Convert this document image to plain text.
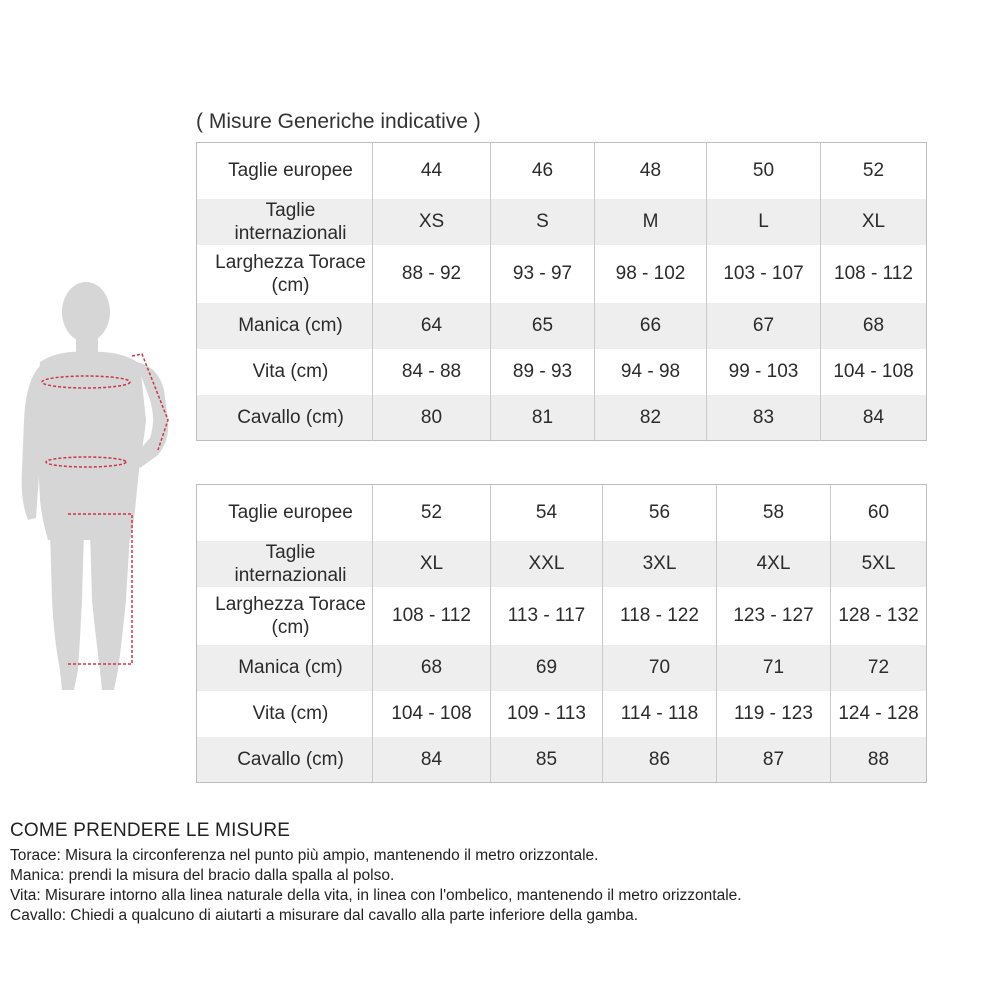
( Misure Generiche indicative )
Taglie europee	44	46	48	50	52
Taglie internazionali	XS	S	M	L	XL
Larghezza Torace (cm)	88 - 92	93 - 97	98 - 102	103 - 107	108 - 112
Manica (cm)	64	65	66	67	68
Vita (cm)	84 - 88	89 - 93	94 - 98	99 - 103	104 - 108
Cavallo (cm)	80	81	82	83	84
Taglie europee	52	54	56	58	60
Taglie internazionali	XL	XXL	3XL	4XL	5XL
Larghezza Torace (cm)	108 - 112	113 - 117	118 - 122	123 - 127	128 - 132
Manica (cm)	68	69	70	71	72
Vita (cm)	104 - 108	109 - 113	114 - 118	119 - 123	124 - 128
Cavallo (cm)	84	85	86	87	88
COME PRENDERE LE MISURE
Torace: Misura la circonferenza nel punto più ampio, mantenendo il metro orizzontale.
Manica: prendi la misura del bracio dalla spalla al polso.
Vita: Misurare intorno alla linea naturale della vita, in linea con l'ombelico, mantenendo il metro orizzontale.
Cavallo: Chiedi a qualcuno di aiutarti a misurare dal cavallo alla parte inferiore della gamba.
